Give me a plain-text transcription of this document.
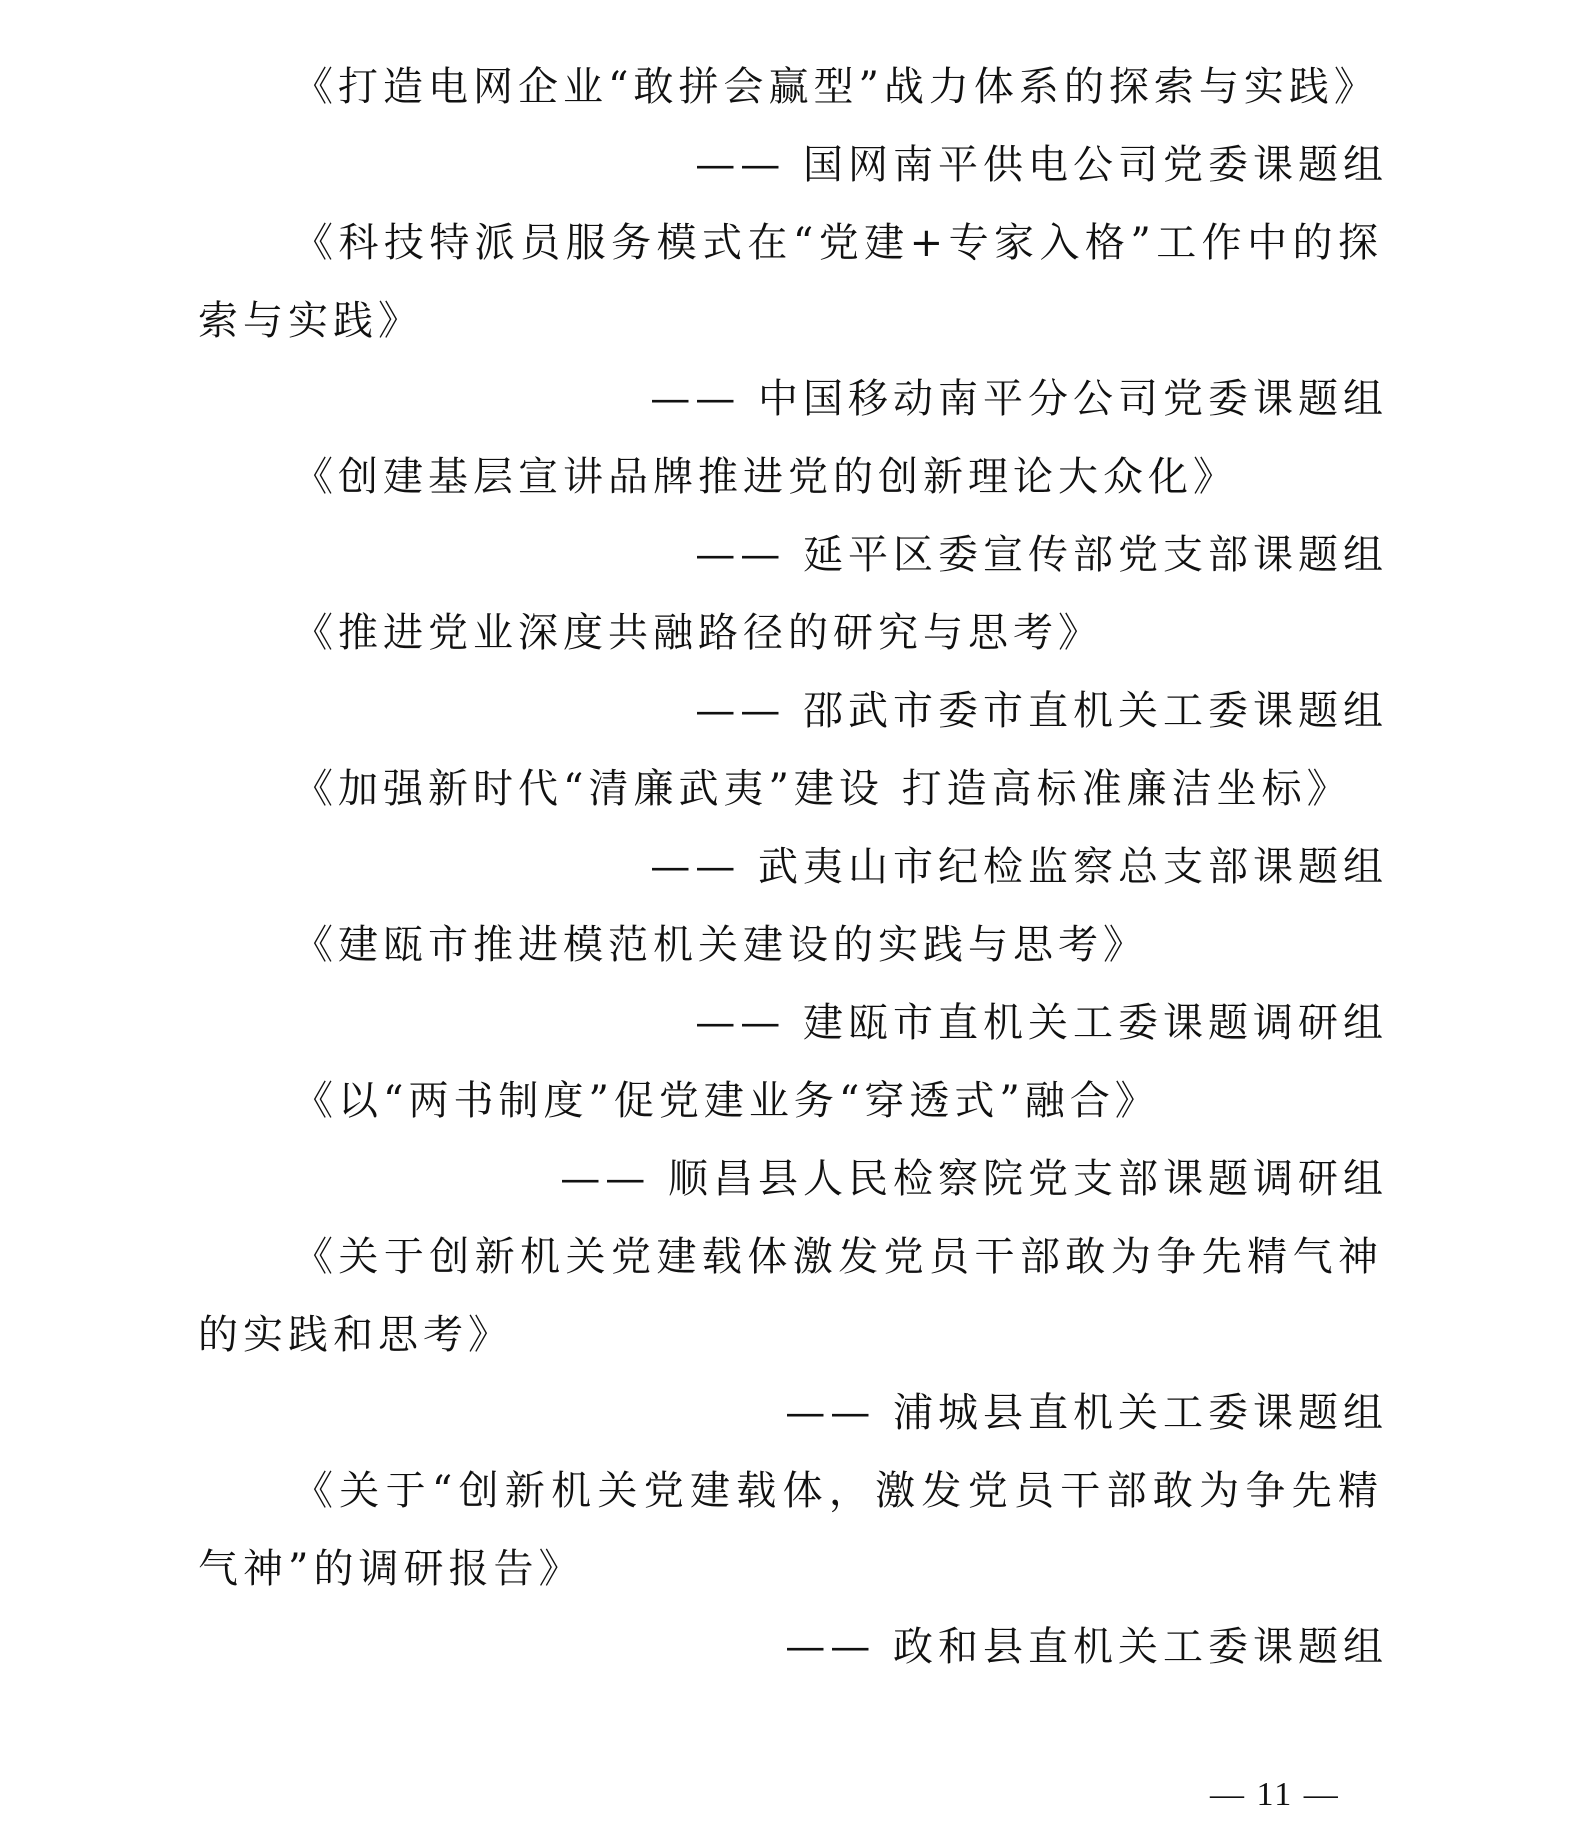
《打造电网企业“敢拼会赢型”战力体系的探索与实践》

—— 国网南平供电公司党委课题组

《科技特派员服务模式在“党建+专家入格”工作中的探索与实践》

—— 中国移动南平分公司党委课题组

《创建基层宣讲品牌推进党的创新理论大众化》

—— 延平区委宣传部党支部课题组

《推进党业深度共融路径的研究与思考》

—— 邵武市委市直机关工委课题组

《加强新时代“清廉武夷”建设 打造高标准廉洁坐标》

—— 武夷山市纪检监察总支部课题组

《建瓯市推进模范机关建设的实践与思考》

—— 建瓯市直机关工委课题调研组

《以“两书制度”促党建业务“穿透式”融合》

—— 顺昌县人民检察院党支部课题调研组

《关于创新机关党建载体激发党员干部敢为争先精气神的实践和思考》

—— 浦城县直机关工委课题组

《关于“创新机关党建载体，激发党员干部敢为争先精气神”的调研报告》

—— 政和县直机关工委课题组

— 11 —
